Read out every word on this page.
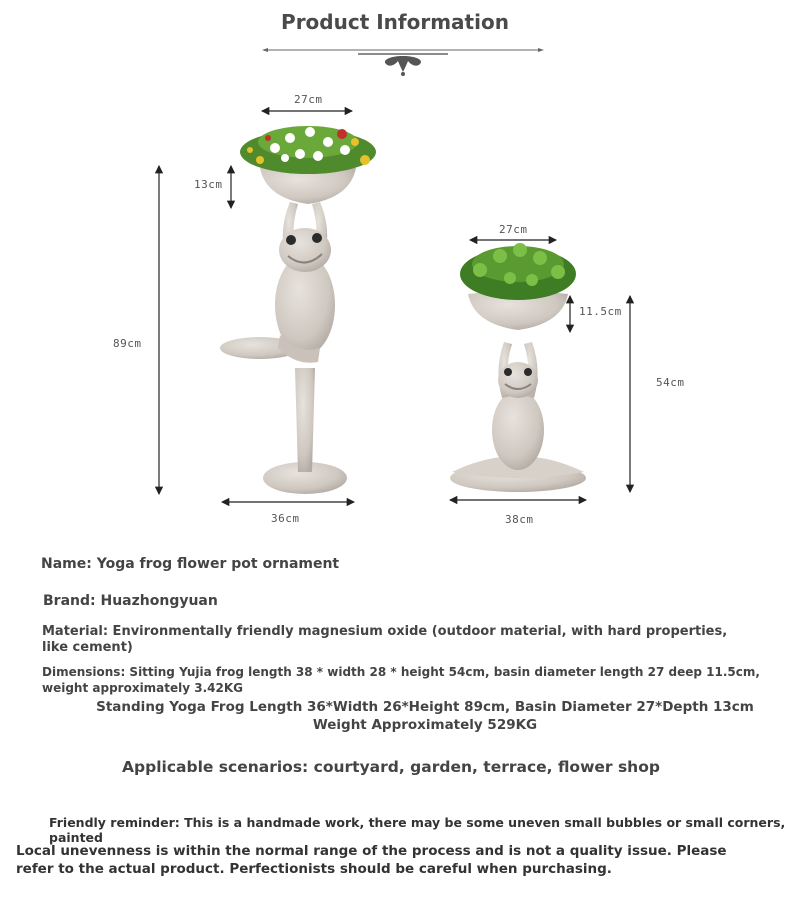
Product Information
27cm
13cm
89cm
36cm
27cm
11.5cm
54cm
38cm
Name: Yoga frog flower pot ornament
Brand: Huazhongyuan
Material: Environmentally friendly magnesium oxide (outdoor material, with hard properties, like cement)
Dimensions: Sitting Yujia frog length 38 * width 28 * height 54cm, basin diameter length 27 deep 11.5cm, weight approximately 3.42KG
Standing Yoga Frog Length 36*Width 26*Height 89cm, Basin Diameter 27*Depth 13cm Weight Approximately 529KG
Applicable scenarios: courtyard, garden, terrace, flower shop
Friendly reminder: This is a handmade work, there may be some uneven small bubbles or small corners, painted
Local unevenness is within the normal range of the process and is not a quality issue. Please refer to the actual product. Perfectionists should be careful when purchasing.
